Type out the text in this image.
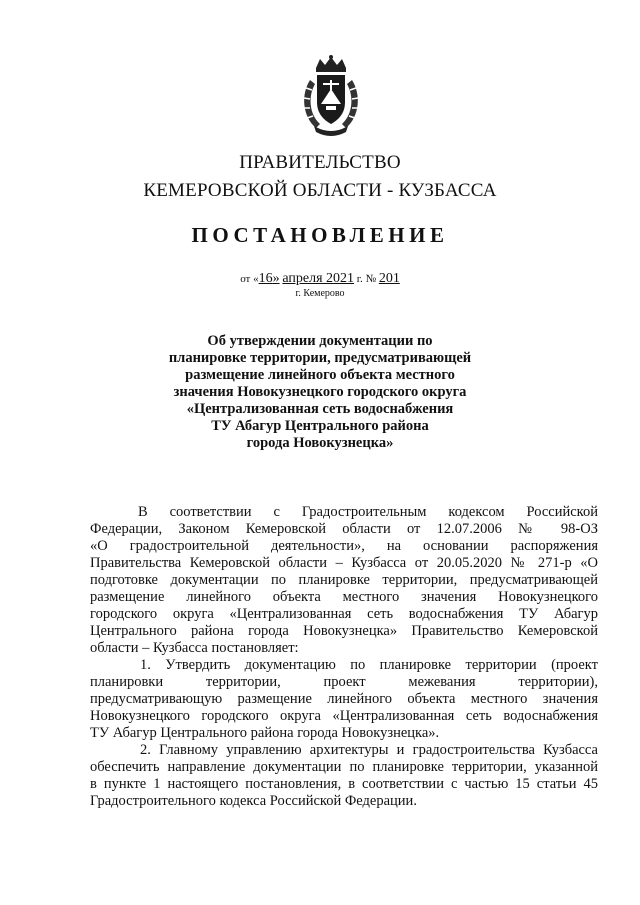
ПРАВИТЕЛЬСТВО
КЕМЕРОВСКОЙ ОБЛАСТИ - КУЗБАССА
ПОСТАНОВЛЕНИЕ
от «16» апреля 2021 г. № 201
г. Кемерово
Об утверждении документации по
планировке территории, предусматривающей
размещение линейного объекта местного
значения Новокузнецкого городского округа
«Централизованная сеть водоснабжения
ТУ Абагур Центрального района
города Новокузнецка»
В соответствии с Градостроительным кодексом Российской
Федерации, Законом Кемеровской области от 12.07.2006 № 98-ОЗ
«О градостроительной деятельности», на основании распоряжения
Правительства Кемеровской области – Кузбасса от 20.05.2020 № 271-р «О
подготовке документации по планировке территории, предусматривающей
размещение линейного объекта местного значения Новокузнецкого
городского округа «Централизованная сеть водоснабжения ТУ Абагур
Центрального района города Новокузнецка» Правительство Кемеровской
области – Кузбасса постановляет:
1. Утвердить документацию по планировке территории (проект
планировки территории, проект межевания территории),
предусматривающую размещение линейного объекта местного значения
Новокузнецкого городского округа «Централизованная сеть водоснабжения
ТУ Абагур Центрального района города Новокузнецка».
2. Главному управлению архитектуры и градостроительства Кузбасса
обеспечить направление документации по планировке территории, указанной
в пункте 1 настоящего постановления, в соответствии с частью 15 статьи 45
Градостроительного кодекса Российской Федерации.
